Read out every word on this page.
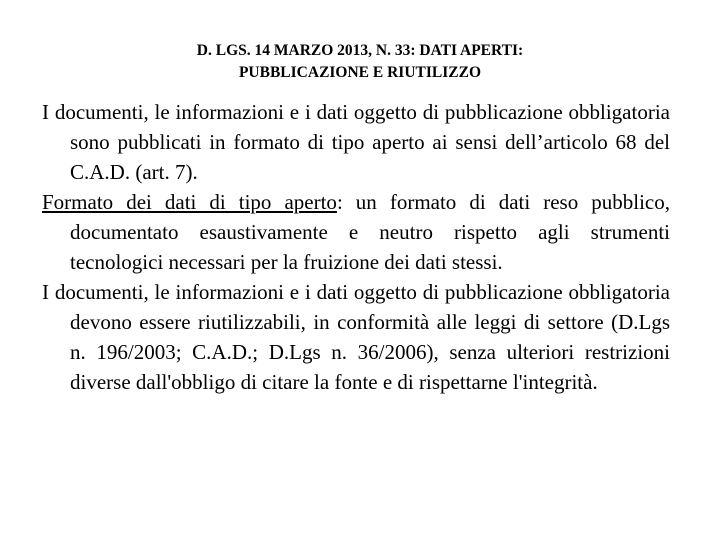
D. LGS. 14 MARZO 2013, N. 33: DATI APERTI:
PUBBLICAZIONE E RIUTILIZZO

I documenti, le informazioni e i dati oggetto di pubblicazione obbligatoria sono pubblicati in formato di tipo aperto ai sensi dell’articolo 68 del C.A.D. (art. 7).

Formato dei dati di tipo aperto: un formato di dati reso pubblico, documentato esaustivamente e neutro rispetto agli strumenti tecnologici necessari per la fruizione dei dati stessi.

I documenti, le informazioni e i dati oggetto di pubblicazione obbligatoria devono essere riutilizzabili, in conformità alle leggi di settore (D.Lgs n. 196/2003; C.A.D.; D.Lgs n. 36/2006), senza ulteriori restrizioni diverse dall'obbligo di citare la fonte e di rispettarne l'integrità.
